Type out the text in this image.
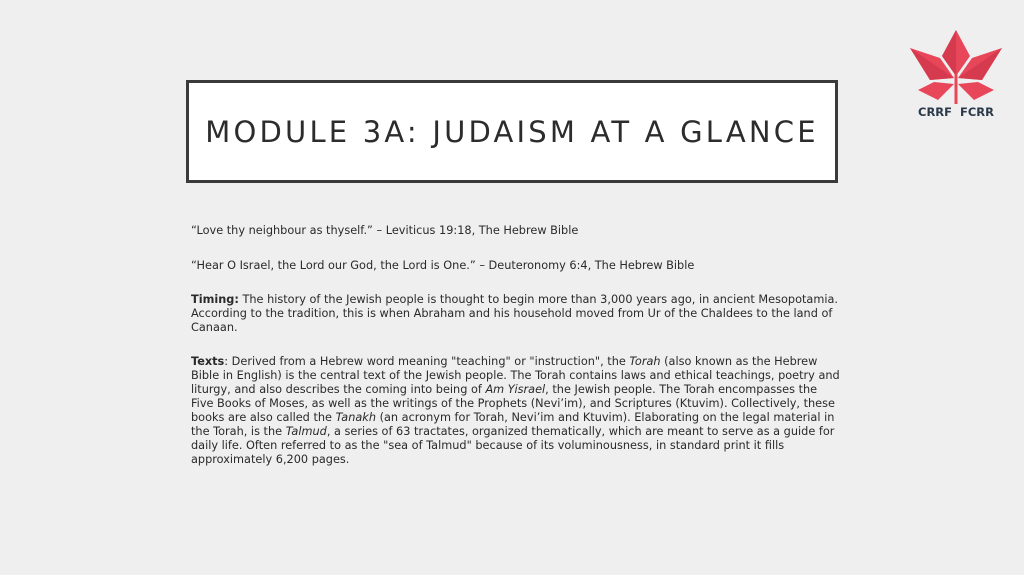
CRRF FCRR
MODULE 3A: JUDAISM AT A GLANCE

“Love thy neighbour as thyself.” – Leviticus 19:18, The Hebrew Bible

“Hear O Israel, the Lord our God, the Lord is One.” – Deuteronomy 6:4, The Hebrew Bible

Timing: The history of the Jewish people is thought to begin more than 3,000 years ago, in ancient Mesopotamia. According to the tradition, this is when Abraham and his household moved from Ur of the Chaldees to the land of Canaan.

Texts: Derived from a Hebrew word meaning "teaching" or "instruction", the Torah (also known as the Hebrew Bible in English) is the central text of the Jewish people. The Torah contains laws and ethical teachings, poetry and liturgy, and also describes the coming into being of Am Yisrael, the Jewish people. The Torah encompasses the Five Books of Moses, as well as the writings of the Prophets (Nevi’im), and Scriptures (Ktuvim). Collectively, these books are also called the Tanakh (an acronym for Torah, Nevi’im and Ktuvim). Elaborating on the legal material in the Torah, is the Talmud, a series of 63 tractates, organized thematically, which are meant to serve as a guide for daily life. Often referred to as the "sea of Talmud" because of its voluminousness, in standard print it fills approximately 6,200 pages.
